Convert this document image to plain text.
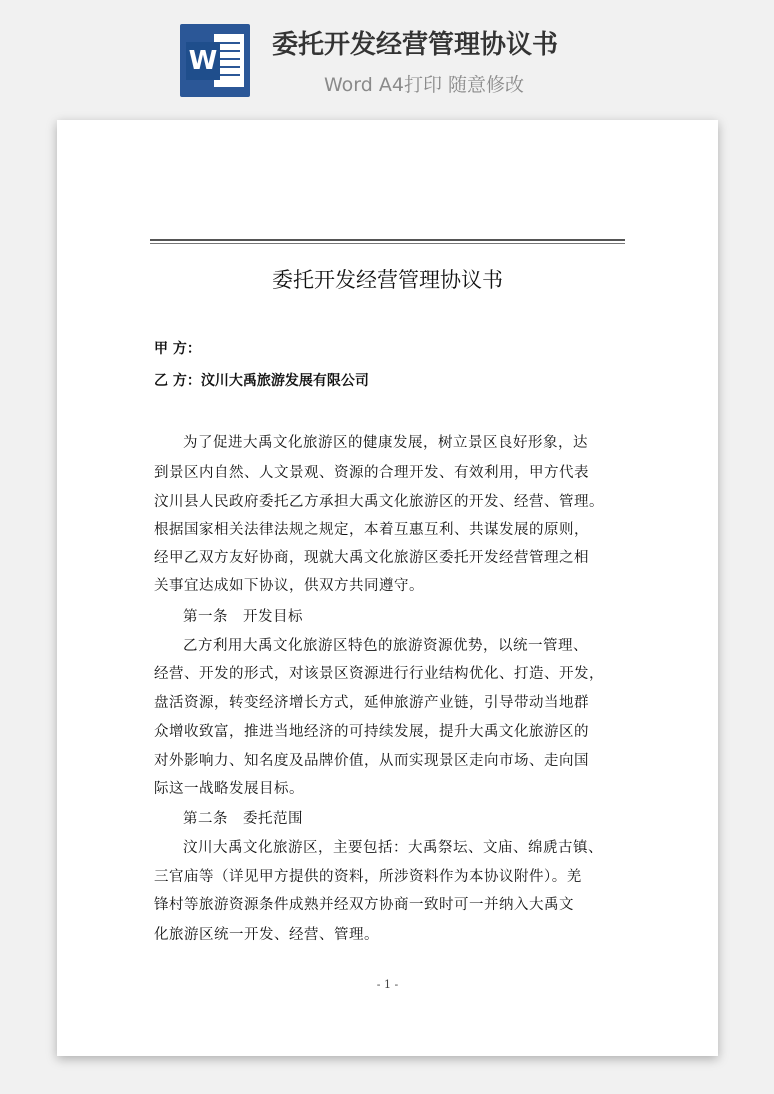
W
委托开发经营管理协议书
Word A4打印 随意修改
委托开发经营管理协议书
甲 方：
乙 方：汶川大禹旅游发展有限公司
为了促进大禹文化旅游区的健康发展，树立景区良好形象，达
到景区内自然、人文景观、资源的合理开发、有效利用，甲方代表
汶川县人民政府委托乙方承担大禹文化旅游区的开发、经营、管理。
根据国家相关法律法规之规定，本着互惠互利、共谋发展的原则，
经甲乙双方友好协商，现就大禹文化旅游区委托开发经营管理之相
关事宜达成如下协议，供双方共同遵守。
第一条　开发目标
乙方利用大禹文化旅游区特色的旅游资源优势，以统一管理、
经营、开发的形式，对该景区资源进行行业结构优化、打造、开发，
盘活资源，转变经济增长方式，延伸旅游产业链，引导带动当地群
众增收致富，推进当地经济的可持续发展，提升大禹文化旅游区的
对外影响力、知名度及品牌价值，从而实现景区走向市场、走向国
际这一战略发展目标。
第二条　委托范围
汶川大禹文化旅游区，主要包括：大禹祭坛、文庙、绵虒古镇、
三官庙等（详见甲方提供的资料，所涉资料作为本协议附件）。羌
锋村等旅游资源条件成熟并经双方协商一致时可一并纳入大禹文
化旅游区统一开发、经营、管理。
- 1 -
